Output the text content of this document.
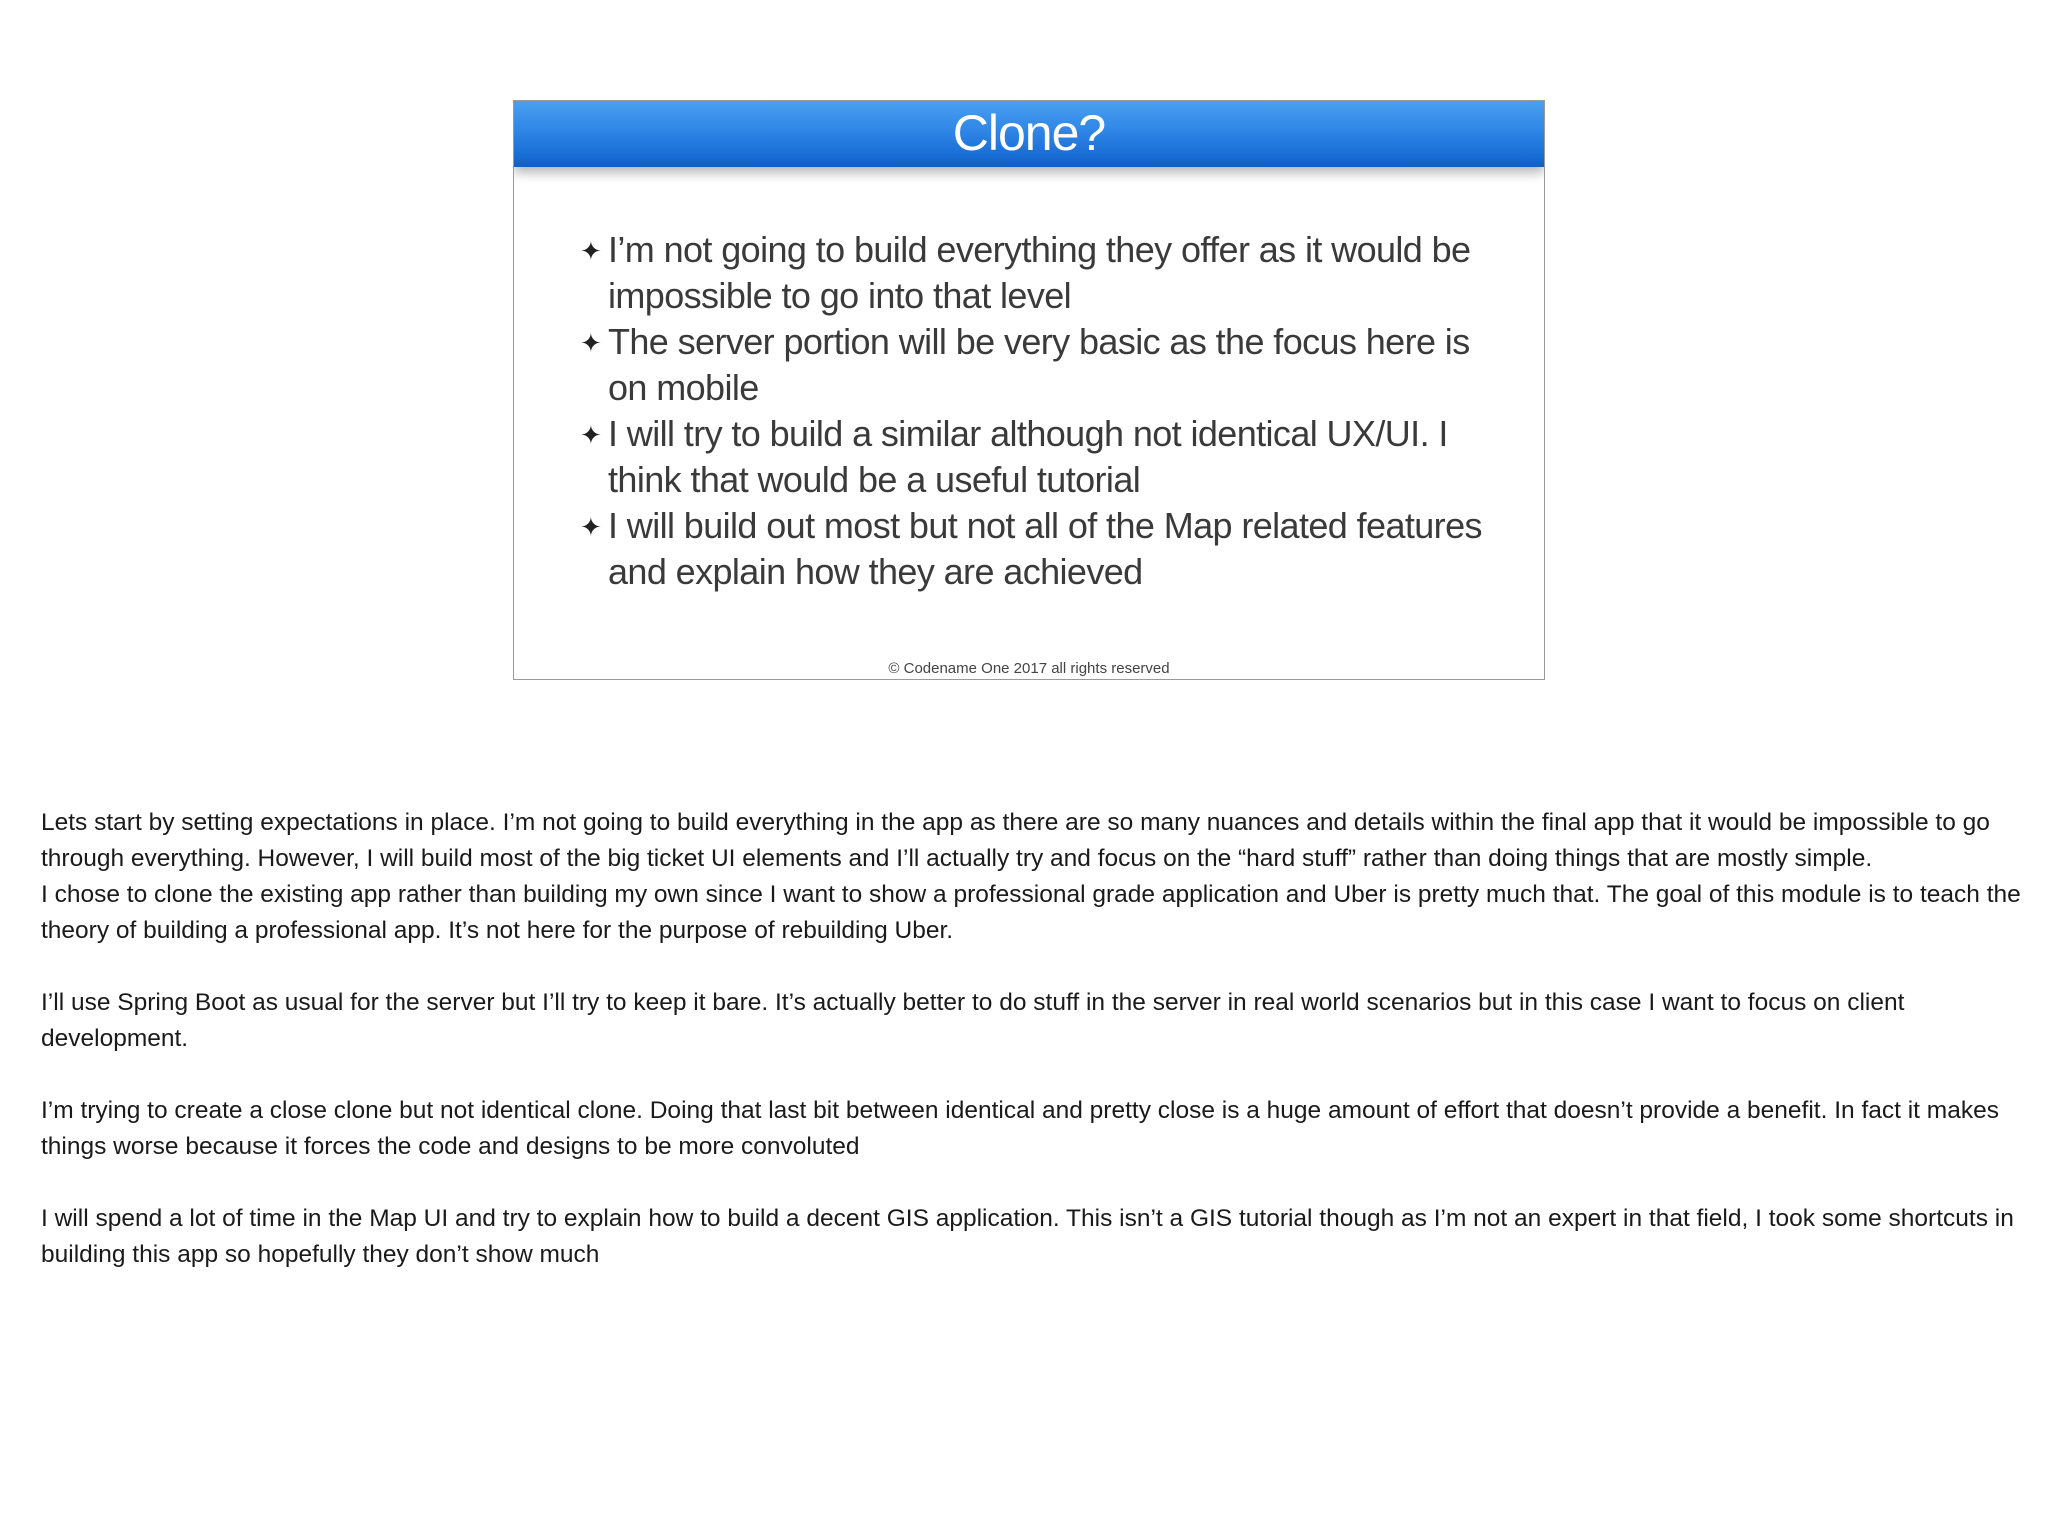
Clone?
✦ I’m not going to build everything they offer as it would be impossible to go into that level
✦ The server portion will be very basic as the focus here is on mobile
✦ I will try to build a similar although not identical UX/UI. I think that would be a useful tutorial
✦ I will build out most but not all of the Map related features and explain how they are achieved
© Codename One 2017 all rights reserved

Lets start by setting expectations in place. I’m not going to build everything in the app as there are so many nuances and details within the final app that it would be impossible to go through everything. However, I will build most of the big ticket UI elements and I’ll actually try and focus on the “hard stuff” rather than doing things that are mostly simple.

I chose to clone the existing app rather than building my own since I want to show a professional grade application and Uber is pretty much that. The goal of this module is to teach the theory of building a professional app. It’s not here for the purpose of rebuilding Uber.

I’ll use Spring Boot as usual for the server but I’ll try to keep it bare. It’s actually better to do stuff in the server in real world scenarios but in this case I want to focus on client development.

I’m trying to create a close clone but not identical clone. Doing that last bit between identical and pretty close is a huge amount of effort that doesn’t provide a benefit. In fact it makes things worse because it forces the code and designs to be more convoluted

I will spend a lot of time in the Map UI and try to explain how to build a decent GIS application. This isn’t a GIS tutorial though as I’m not an expert in that field, I took some shortcuts in building this app so hopefully they don’t show much
